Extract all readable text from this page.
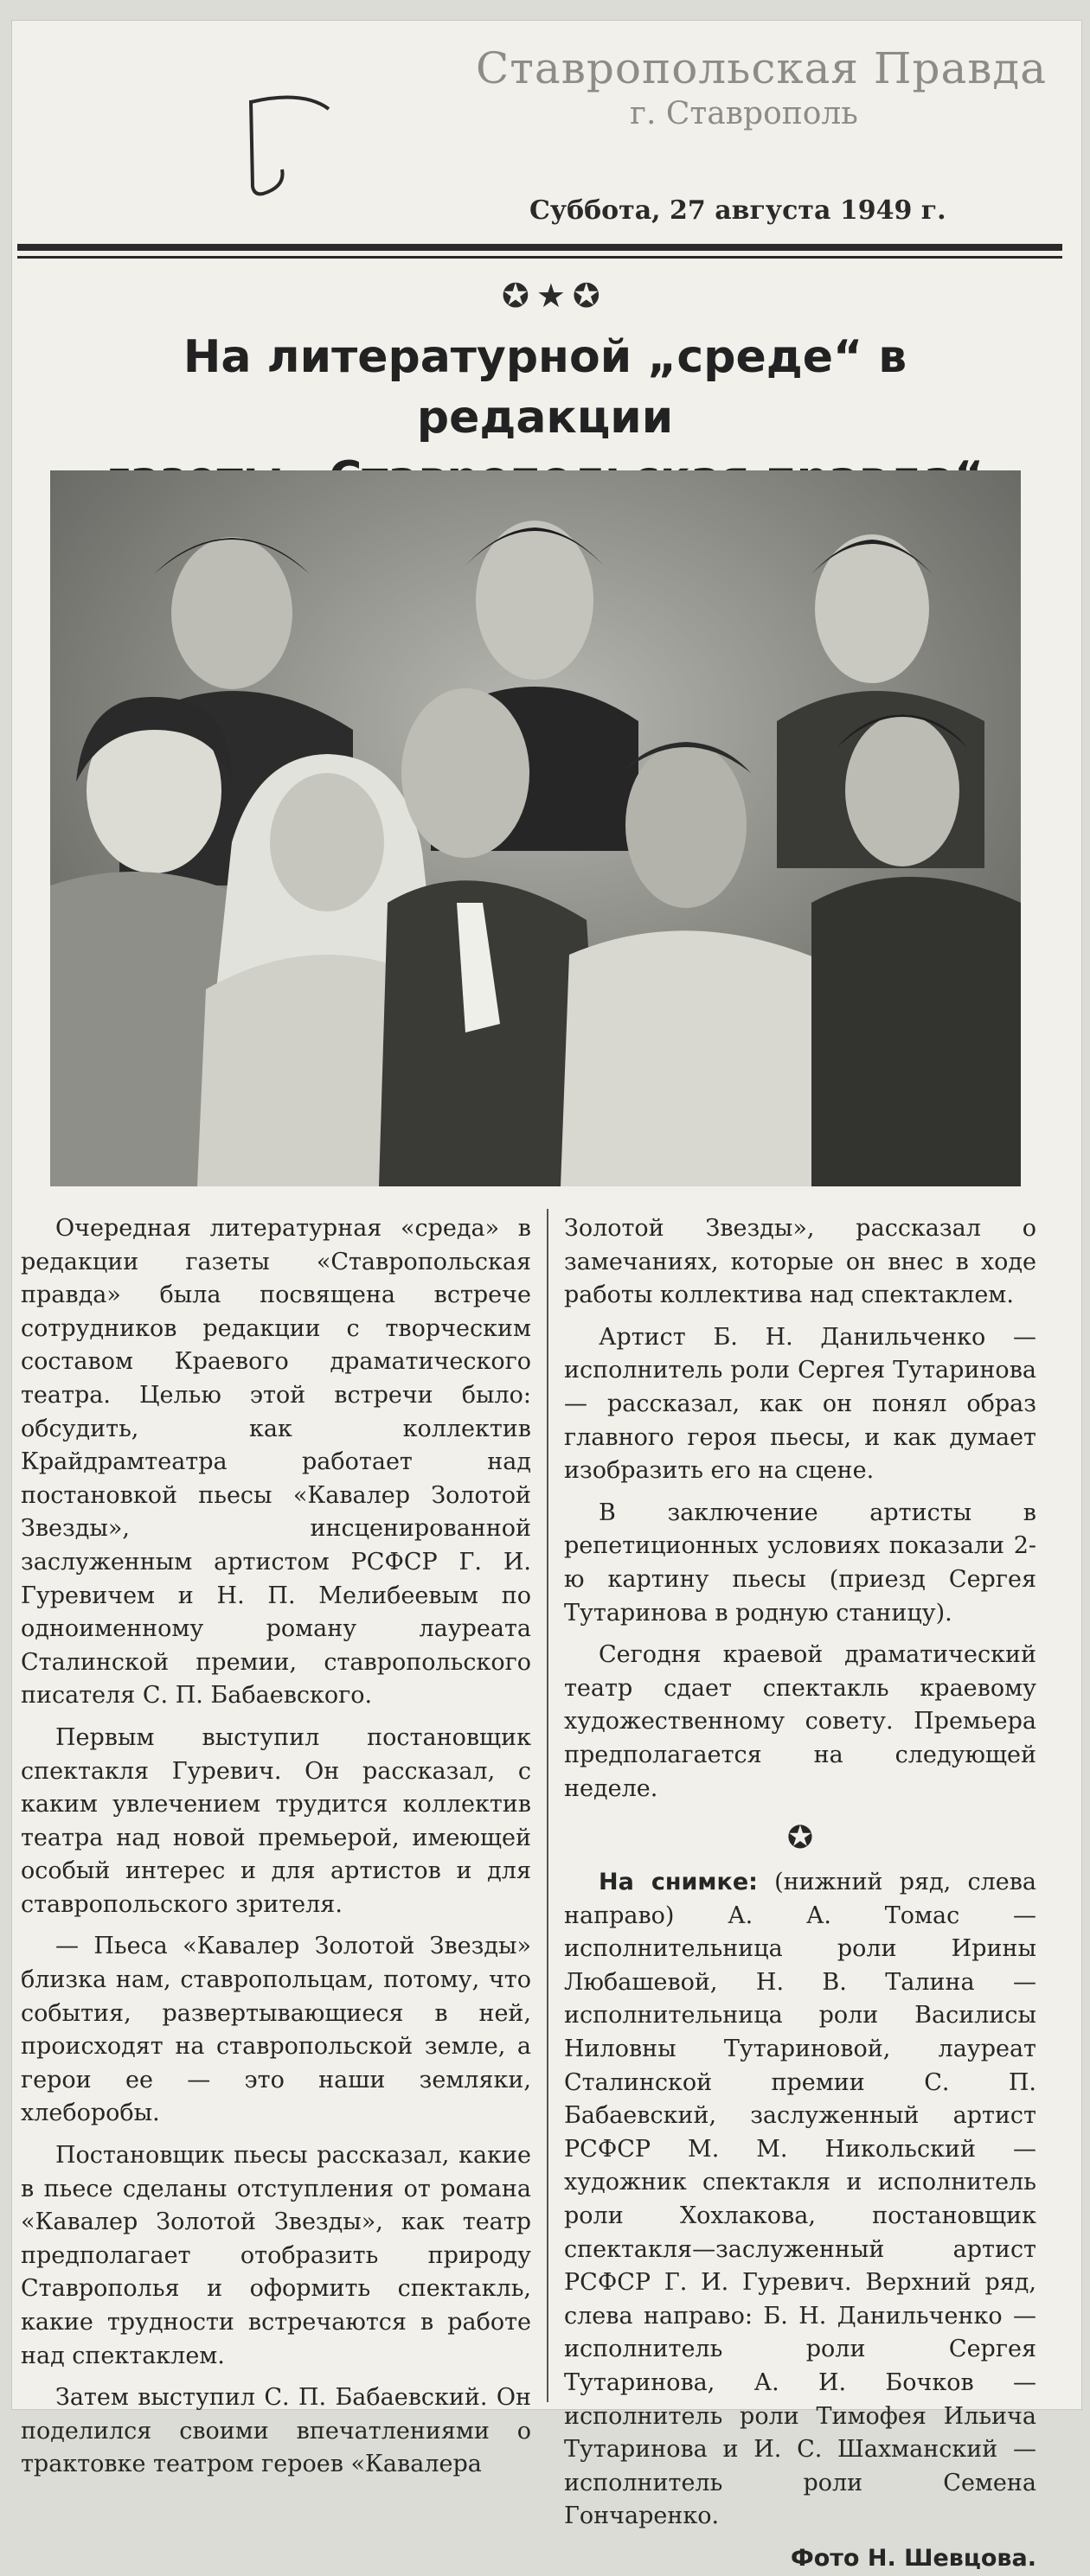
Ставропольская Правда
г. Ставрополь
Суббота, 27 августа 1949 г.
✪★✪
На литературной „среде“ в редакции

Очередная литературная «среда» в редакции газеты «Ставропольская правда» была посвящена встрече сотрудников редакции с творческим составом Краевого драматического театра. Целью этой встречи было: обсудить, как коллектив Крайдрамтеатра работает над постановкой пьесы «Кавалер Золотой Звезды», инсценированной заслуженным артистом РСФСР Г. И. Гуревичем и Н. П. Мелибеевым по одноименному роману лауреата Сталинской премии, ставропольского писателя С. П. Бабаевского.

Первым выступил постановщик спектакля Гуревич. Он рассказал, с каким увлечением трудится коллектив театра над новой премьерой, имеющей особый интерес и для артистов и для ставропольского зрителя.

— Пьеса «Кавалер Золотой Звезды» близка нам, ставропольцам, потому, что события, развертывающиеся в ней, происходят на ставропольской земле, а герои ее — это наши земляки, хлеборобы.

Постановщик пьесы рассказал, какие в пьесе сделаны отступления от романа «Кавалер Золотой Звезды», как театр предполагает отобразить природу Ставрополья и оформить спектакль, какие трудности встречаются в работе над спектаклем.

Затем выступил С. П. Бабаевский. Он поделился своими впечатлениями о трактовке театром героев «Кавалера

Золотой Звезды», рассказал о замечаниях, которые он внес в ходе работы коллектива над спектаклем.

Артист Б. Н. Данильченко — исполнитель роли Сергея Тутаринова — рассказал, как он понял образ главного героя пьесы, и как думает изобразить его на сцене.

В заключение артисты в репетиционных условиях показали 2-ю картину пьесы (приезд Сергея Тутаринова в родную станицу).

Сегодня краевой драматический театр сдает спектакль краевому художественному совету. Премьера предполагается на следующей неделе.

✪

На снимке: (нижний ряд, слева направо) А. А. Томас — исполнительница роли Ирины Любашевой, Н. В. Талина — исполнительница роли Василисы Ниловны Тутариновой, лауреат Сталинской премии С. П. Бабаевский, заслуженный артист РСФСР М. М. Никольский — художник спектакля и исполнитель роли Хохлакова, постановщик спектакля—заслуженный артист РСФСР Г. И. Гуревич. Верхний ряд, слева направо: Б. Н. Данильченко — исполнитель роли Сергея Тутаринова, А. И. Бочков — исполнитель роли Тимофея Ильича Тутаринова и И. С. Шахманский — исполнитель роли Семена Гончаренко.

Фото Н. Шевцова.
